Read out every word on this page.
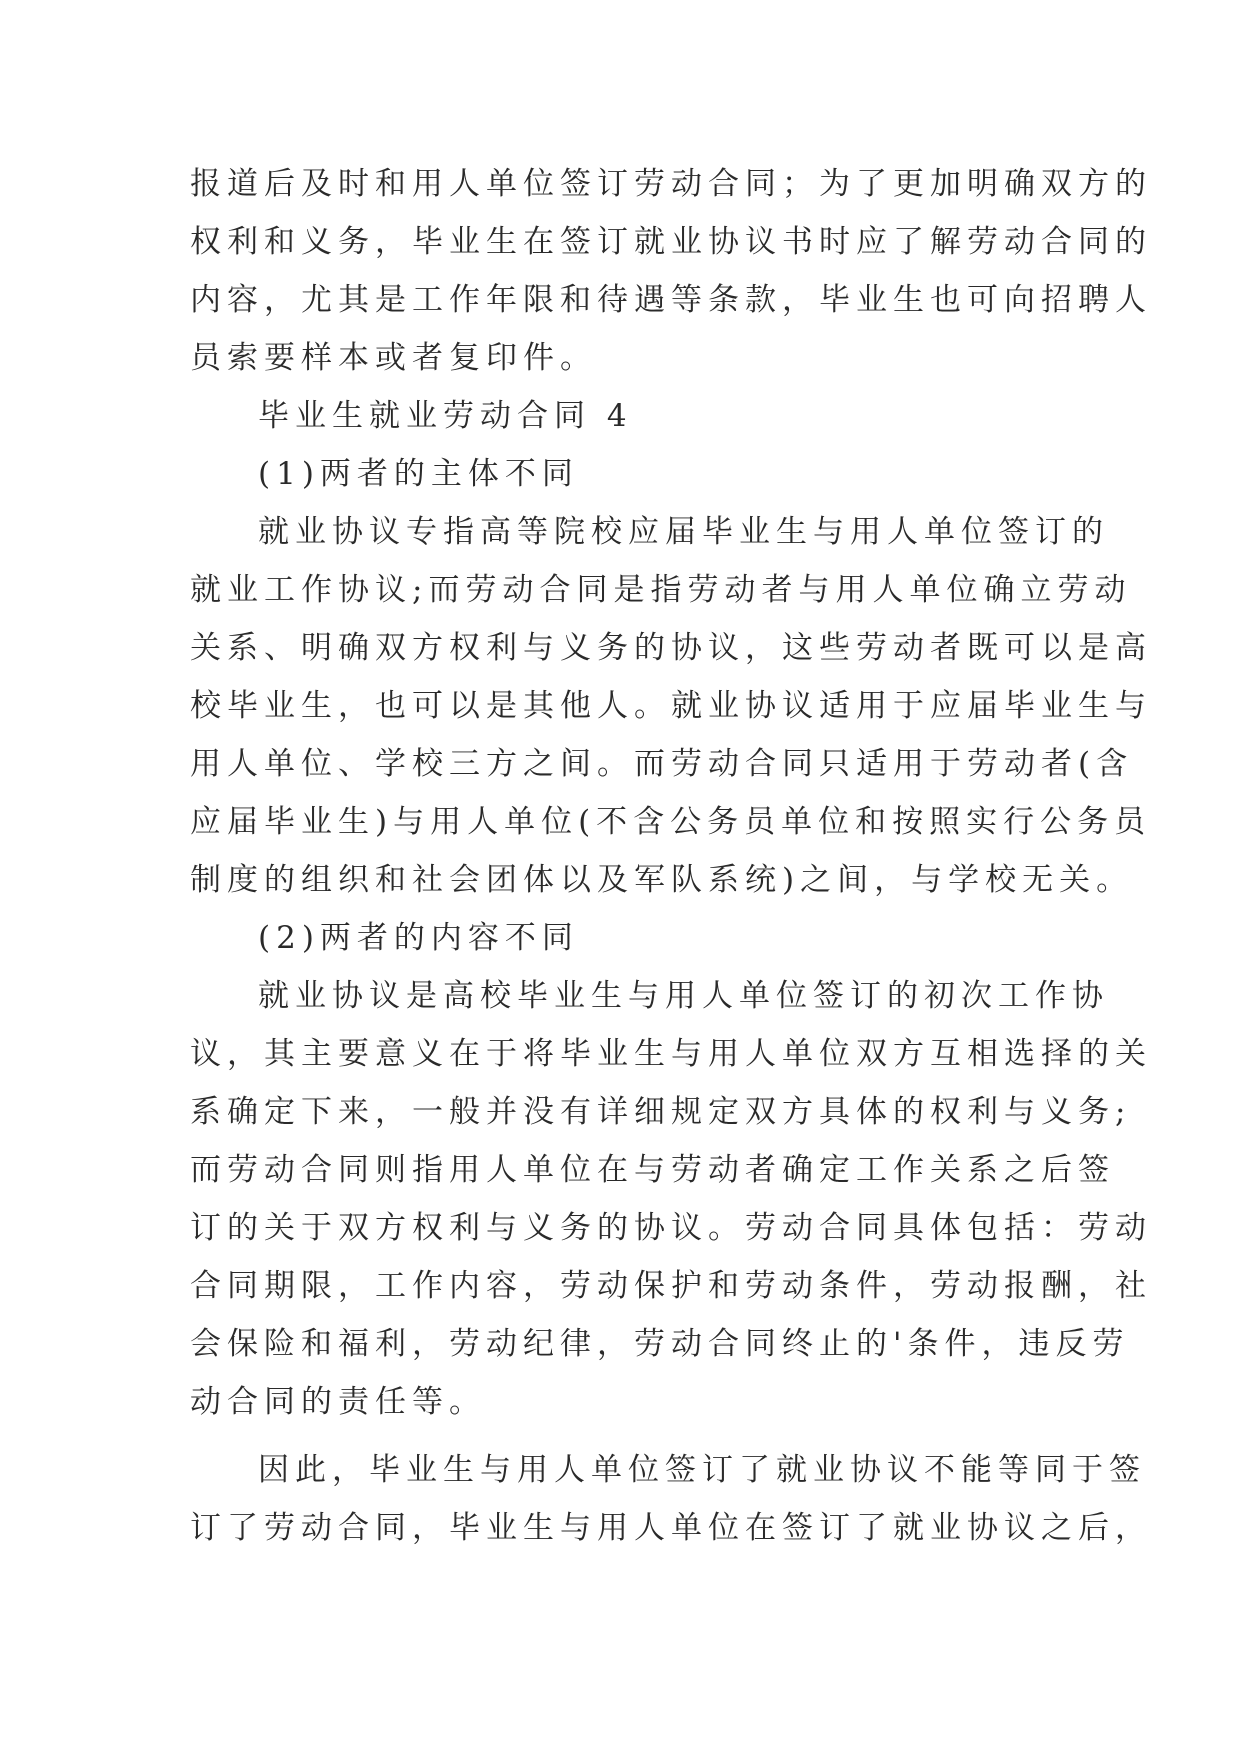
报道后及时和用人单位签订劳动合同；为了更加明确双方的
权利和义务，毕业生在签订就业协议书时应了解劳动合同的
内容，尤其是工作年限和待遇等条款，毕业生也可向招聘人
员索要样本或者复印件。
毕业生就业劳动合同 4
(1)两者的主体不同
就业协议专指高等院校应届毕业生与用人单位签订的
就业工作协议;而劳动合同是指劳动者与用人单位确立劳动
关系、明确双方权利与义务的协议，这些劳动者既可以是高
校毕业生，也可以是其他人。就业协议适用于应届毕业生与
用人单位、学校三方之间。而劳动合同只适用于劳动者(含
应届毕业生)与用人单位(不含公务员单位和按照实行公务员
制度的组织和社会团体以及军队系统)之间，与学校无关。
(2)两者的内容不同
就业协议是高校毕业生与用人单位签订的初次工作协
议，其主要意义在于将毕业生与用人单位双方互相选择的关
系确定下来，一般并没有详细规定双方具体的权利与义务;
而劳动合同则指用人单位在与劳动者确定工作关系之后签
订的关于双方权利与义务的协议。劳动合同具体包括：劳动
合同期限，工作内容，劳动保护和劳动条件，劳动报酬，社
会保险和福利，劳动纪律，劳动合同终止的'条件，违反劳
动合同的责任等。
因此，毕业生与用人单位签订了就业协议不能等同于签
订了劳动合同，毕业生与用人单位在签订了就业协议之后，
